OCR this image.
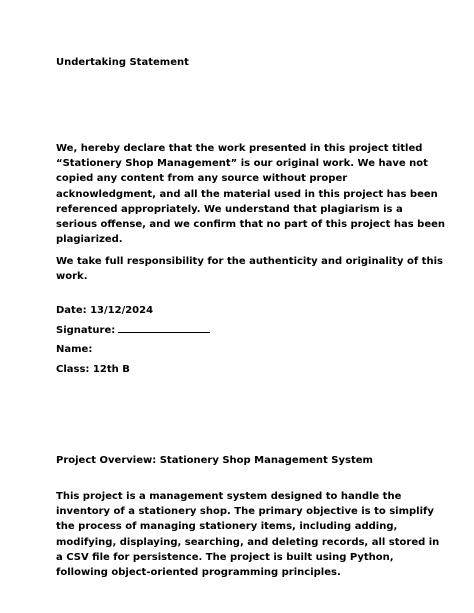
Undertaking Statement
We, hereby declare that the work presented in this project titled
“Stationery Shop Management” is our original work. We have not
copied any content from any source without proper
acknowledgment, and all the material used in this project has been
referenced appropriately. We understand that plagiarism is a
serious offense, and we confirm that no part of this project has been
plagiarized.
We take full responsibility for the authenticity and originality of this
work.
Date: 13/12/2024
Signature:
Name:
Class: 12th B
Project Overview: Stationery Shop Management System
This project is a management system designed to handle the
inventory of a stationery shop. The primary objective is to simplify
the process of managing stationery items, including adding,
modifying, displaying, searching, and deleting records, all stored in
a CSV file for persistence. The project is built using Python,
following object-oriented programming principles.
